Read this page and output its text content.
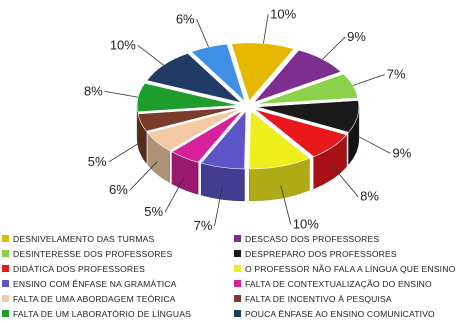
10%
9%
7%
9%
8%
10%
7%
5%
6%
5%
8%
10%
6%
DESNIVELAMENTO DAS TURMAS	DESCASO DOS PROFESSORES
DESINTERESSE DOS PROFESSORES	DESPREPARO DOS PROFESSORES
DIDÁTICA DOS PROFESSORES	O PROFESSOR NÃO FALA A LÍNGUA QUE ENSINO
ENSINO COM ÊNFASE NA GRAMÁTICA	FALTA DE CONTEXTUALIZAÇÃO DO ENSINO
FALTA DE UMA ABORDAGEM TEÓRICA	FALTA DE INCENTIVO À PESQUISA
FALTA DE UM LABORATÓRIO DE LÍNGUAS	POUCA ÊNFASE AO ENSINO COMUNICATIVO
